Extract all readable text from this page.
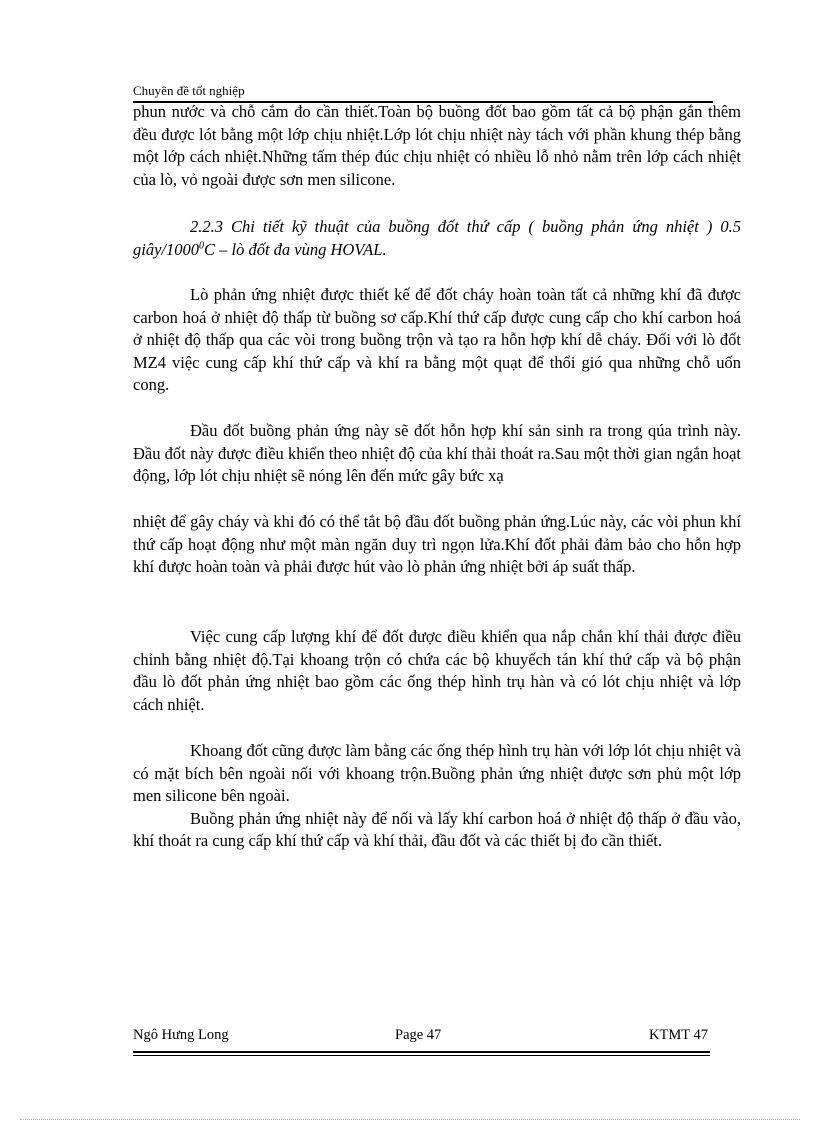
Chuyên đề tốt nghiệp

phun nước và chỗ cắm đo cần thiết.Toàn bộ buồng đốt bao gồm tất cả bộ phận gắn thêm đều được lót bằng một lớp chịu nhiệt.Lớp lót chịu nhiệt này tách với phần khung thép bằng một lớp cách nhiệt.Những tấm thép đúc chịu nhiệt có nhiều lỗ nhỏ nằm trên lớp cách nhiệt của lò, vỏ ngoài được sơn men silicone.

2.2.3 Chi tiết kỹ thuật của buồng đốt thứ cấp ( buồng phản ứng nhiệt ) 0.5 giây/1000$^0$C – lò đốt đa vùng HOVAL.

Lò phản ứng nhiệt được thiết kế để đốt cháy hoàn toàn tất cả những khí đã được carbon hoá ở nhiệt độ thấp từ buồng sơ cấp.Khí thứ cấp được cung cấp cho khí carbon hoá ở nhiệt độ thấp qua các vòi trong buồng trộn và tạo ra hỗn hợp khí dễ cháy. Đối với lò đốt MZ4 việc cung cấp khí thứ cấp và khí ra bằng một quạt để thổi gió qua những chỗ uốn cong.

Đầu đốt buồng phản ứng này sẽ đốt hỗn hợp khí sản sinh ra trong qúa trình này. Đầu đốt này được điều khiển theo nhiệt độ của khí thải thoát ra.Sau một thời gian ngắn hoạt động, lớp lót chịu nhiệt sẽ nóng lên đến mức gây bức xạ

nhiệt để gây cháy và khi đó có thể tắt bộ đầu đốt buồng phản ứng.Lúc này, các vòi phun khí thứ cấp hoạt động như một màn ngăn duy trì ngọn lửa.Khí đốt phải đảm bảo cho hỗn hợp khí được hoàn toàn và phải được hút vào lò phản ứng nhiệt bởi áp suất thấp.

Việc cung cấp lượng khí để đốt được điều khiển qua nắp chắn khí thải được điều chỉnh bằng nhiệt độ.Tại khoang trộn có chứa các bộ khuyếch tán khí thứ cấp và bộ phận đầu lò đốt phản ứng nhiệt bao gồm các ống thép hình trụ hàn và có lót chịu nhiệt và lớp cách nhiệt.

Khoang đốt cũng được làm bằng các ống thép hình trụ hàn với lớp lót chịu nhiệt và có mặt bích bên ngoài nối với khoang trộn.Buồng phản ứng nhiệt được sơn phủ một lớp men silicone bên ngoài.

Buồng phản ứng nhiệt này để nối và lấy khí carbon hoá ở nhiệt độ thấp ở đầu vào, khí thoát ra cung cấp khí thứ cấp và khí thải, đầu đốt và các thiết bị đo cần thiết.

Ngô Hưng Long	Page 47	KTMT 47
